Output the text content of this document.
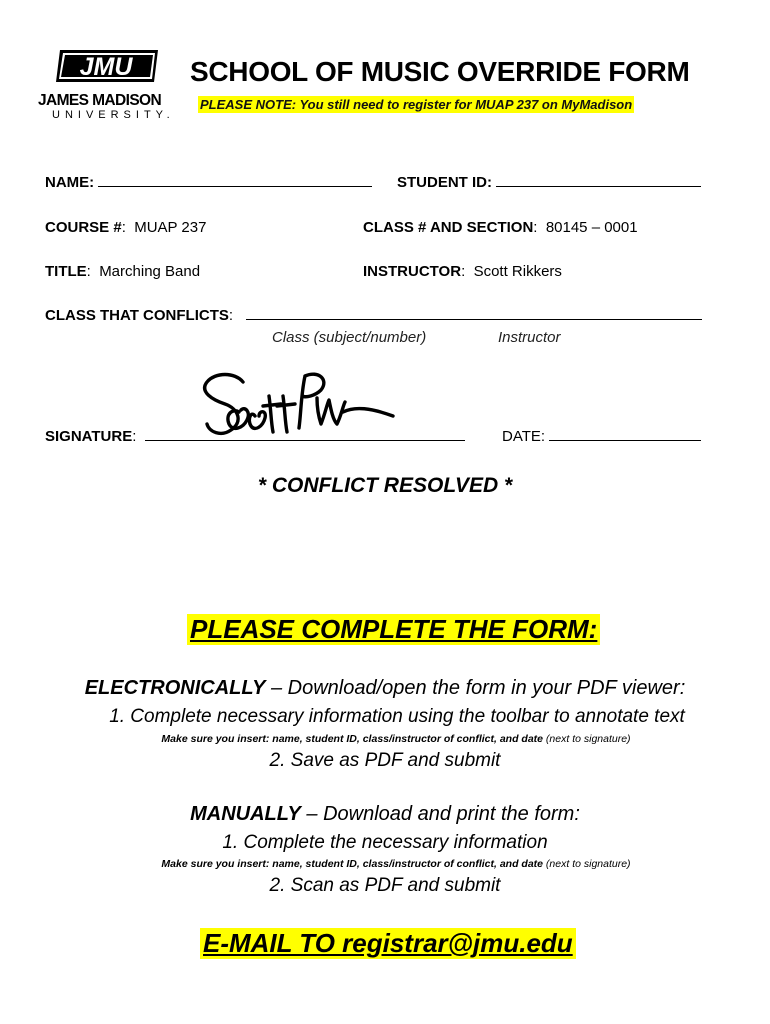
JMU
JAMES MADISON
UNIVERSITY.
SCHOOL OF MUSIC OVERRIDE FORM
PLEASE NOTE: You still need to register for MUAP 237 on MyMadison
NAME:	STUDENT ID:
COURSE #:  MUAP 237	CLASS # AND SECTION:  80145 – 0001
TITLE:  Marching Band	INSTRUCTOR:  Scott Rikkers
CLASS THAT CONFLICTS:
Class (subject/number)	Instructor
SIGNATURE:	DATE:
* CONFLICT RESOLVED *
PLEASE COMPLETE THE FORM:
ELECTRONICALLY – Download/open the form in your PDF viewer:
1. Complete necessary information using the toolbar to annotate text
Make sure you insert: name, student ID, class/instructor of conflict, and date (next to signature)
2. Save as PDF and submit
MANUALLY – Download and print the form:
1. Complete the necessary information
Make sure you insert: name, student ID, class/instructor of conflict, and date (next to signature)
2. Scan as PDF and submit
E-MAIL TO registrar@jmu.edu
